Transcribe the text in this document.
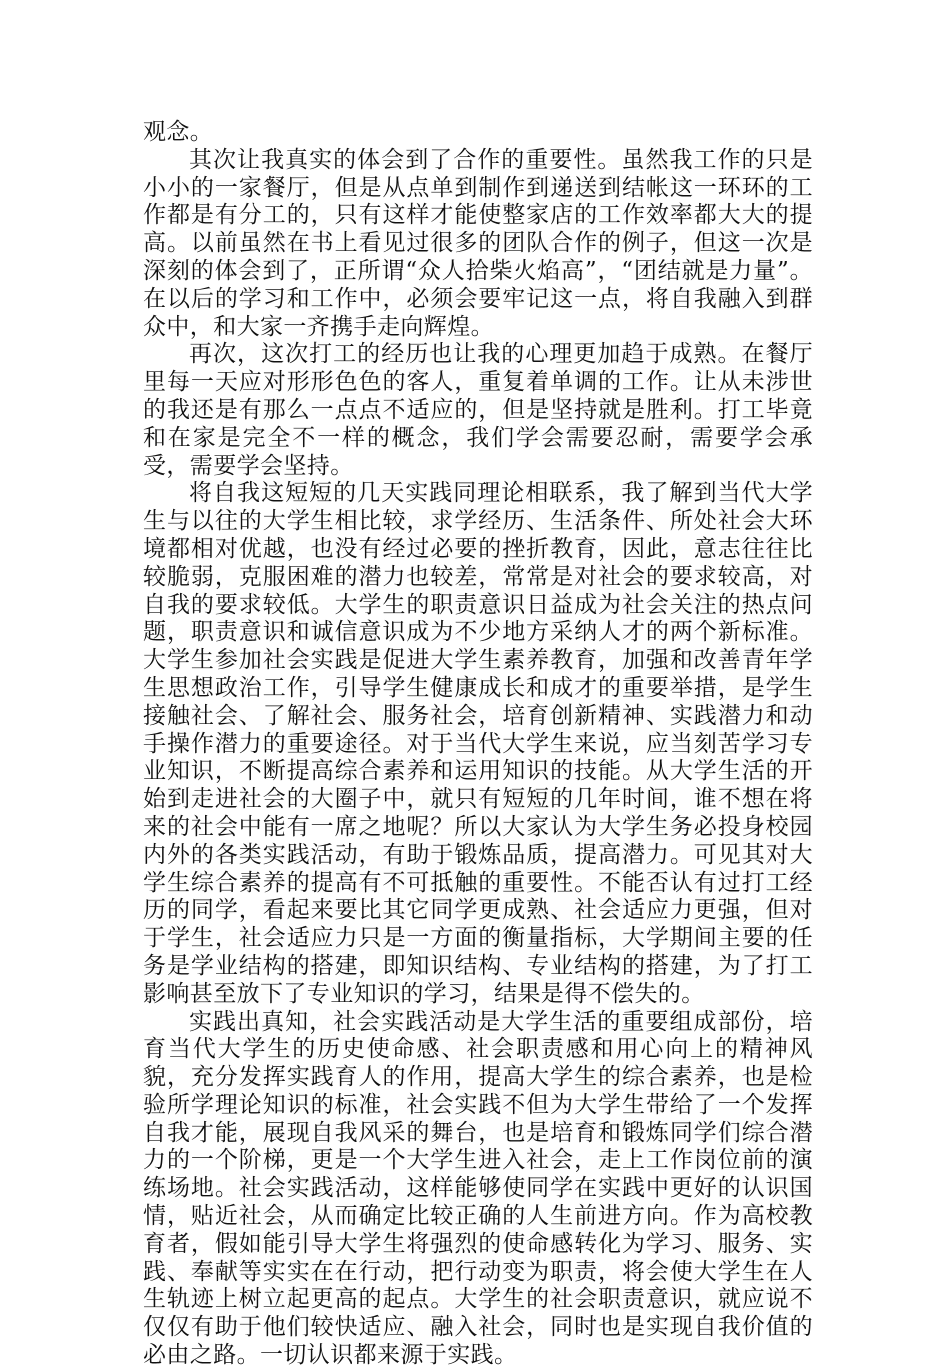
观念。

其次让我真实的体会到了合作的重要性。虽然我工作的只是小小的一家餐厅，但是从点单到制作到递送到结帐这一环环的工作都是有分工的，只有这样才能使整家店的工作效率都大大的提高。以前虽然在书上看见过很多的团队合作的例子，但这一次是深刻的体会到了，正所谓“众人拾柴火焰高”，“团结就是力量”。在以后的学习和工作中，必须会要牢记这一点，将自我融入到群众中，和大家一齐携手走向辉煌。

再次，这次打工的经历也让我的心理更加趋于成熟。在餐厅里每一天应对形形色色的客人，重复着单调的工作。让从未涉世的我还是有那么一点点不适应的，但是坚持就是胜利。打工毕竟和在家是完全不一样的概念，我们学会需要忍耐，需要学会承受，需要学会坚持。

将自我这短短的几天实践同理论相联系，我了解到当代大学生与以往的大学生相比较，求学经历、生活条件、所处社会大环境都相对优越，也没有经过必要的挫折教育，因此，意志往往比较脆弱，克服困难的潜力也较差，常常是对社会的要求较高，对自我的要求较低。大学生的职责意识日益成为社会关注的热点问题，职责意识和诚信意识成为不少地方采纳人才的两个新标准。大学生参加社会实践是促进大学生素养教育，加强和改善青年学生思想政治工作，引导学生健康成长和成才的重要举措，是学生接触社会、了解社会、服务社会，培育创新精神、实践潜力和动手操作潜力的重要途径。对于当代大学生来说，应当刻苦学习专业知识，不断提高综合素养和运用知识的技能。从大学生活的开始到走进社会的大圈子中，就只有短短的几年时间，谁不想在将来的社会中能有一席之地呢？所以大家认为大学生务必投身校园内外的各类实践活动，有助于锻炼品质，提高潜力。可见其对大学生综合素养的提高有不可抵触的重要性。不能否认有过打工经历的同学，看起来要比其它同学更成熟、社会适应力更强，但对于学生，社会适应力只是一方面的衡量指标，大学期间主要的任务是学业结构的搭建，即知识结构、专业结构的搭建，为了打工影响甚至放下了专业知识的学习，结果是得不偿失的。

实践出真知，社会实践活动是大学生活的重要组成部份，培育当代大学生的历史使命感、社会职责感和用心向上的精神风貌，充分发挥实践育人的作用，提高大学生的综合素养，也是检验所学理论知识的标准，社会实践不但为大学生带给了一个发挥自我才能，展现自我风采的舞台，也是培育和锻炼同学们综合潜力的一个阶梯，更是一个大学生进入社会，走上工作岗位前的演练场地。社会实践活动，这样能够使同学在实践中更好的认识国情，贴近社会，从而确定比较正确的人生前进方向。作为高校教育者，假如能引导大学生将强烈的使命感转化为学习、服务、实践、奉献等实实在在行动，把行动变为职责，将会使大学生在人生轨迹上树立起更高的起点。大学生的社会职责意识，就应说不仅仅有助于他们较快适应、融入社会，同时也是实现自我价值的必由之路。一切认识都来源于实践。
